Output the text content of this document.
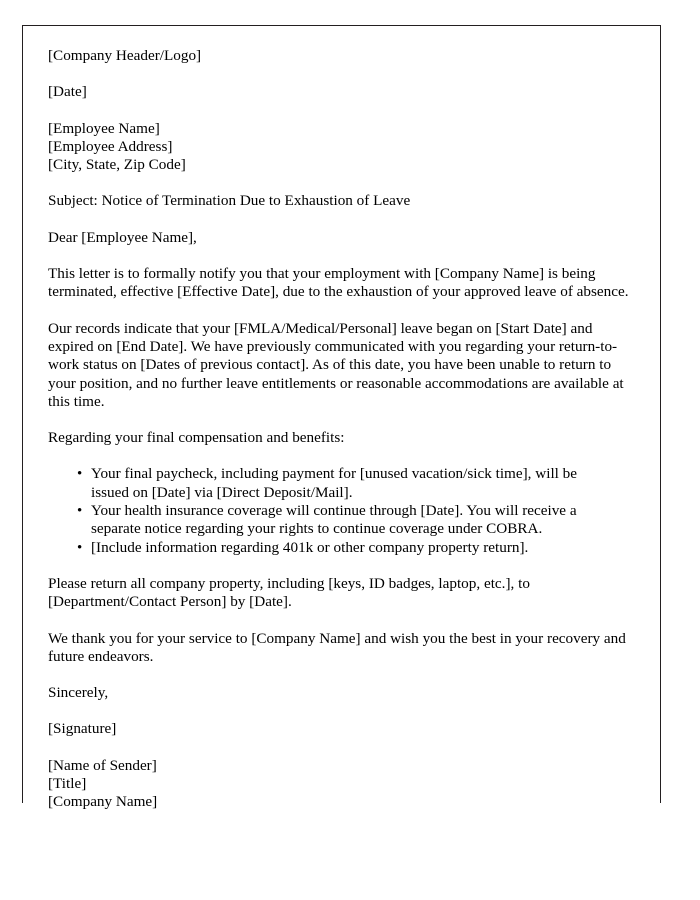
[Company Header/Logo]
[Date]
[Employee Name]
[Employee Address]
[City, State, Zip Code]
Subject: Notice of Termination Due to Exhaustion of Leave
Dear [Employee Name],

This letter is to formally notify you that your employment with [Company Name] is being terminated, effective [Effective Date], due to the exhaustion of your approved leave of absence.

Our records indicate that your [FMLA/Medical/Personal] leave began on [Start Date] and expired on [End Date]. We have previously communicated with you regarding your return-to-work status on [Dates of previous contact]. As of this date, you have been unable to return to your position, and no further leave entitlements or reasonable accommodations are available at this time.

Regarding your final compensation and benefits:

• Your final paycheck, including payment for [unused vacation/sick time], will be issued on [Date] via [Direct Deposit/Mail].
• Your health insurance coverage will continue through [Date]. You will receive a separate notice regarding your rights to continue coverage under COBRA.
• [Include information regarding 401k or other company property return].

Please return all company property, including [keys, ID badges, laptop, etc.], to [Department/Contact Person] by [Date].

We thank you for your service to [Company Name] and wish you the best in your recovery and future endeavors.

Sincerely,
[Signature]
[Name of Sender]
[Title]
[Company Name]
